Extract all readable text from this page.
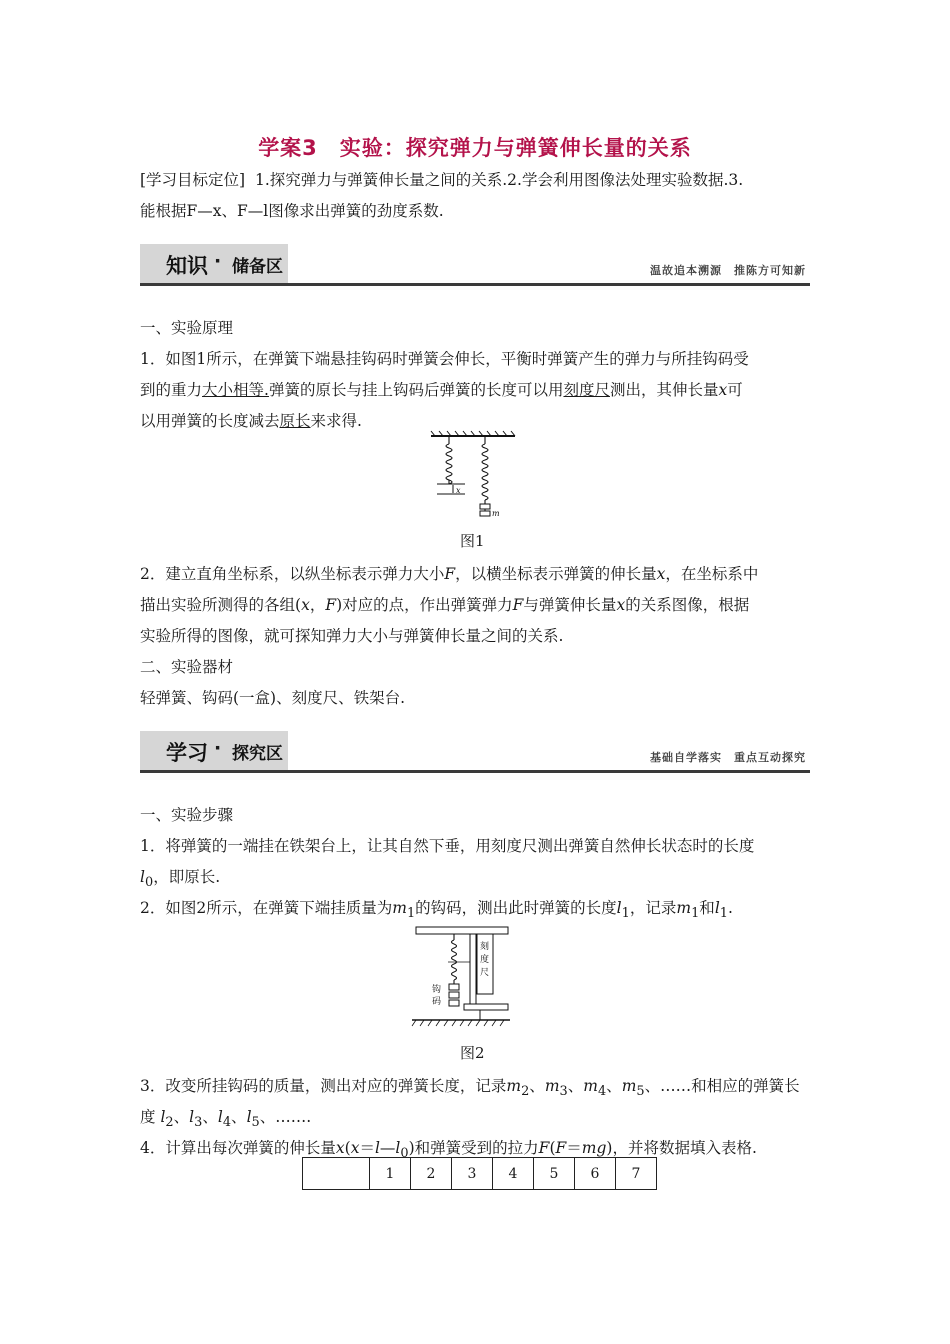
学案3　实验：探究弹力与弹簧伸长量的关系
[学习目标定位] 1.探究弹力与弹簧伸长量之间的关系.2.学会利用图像法处理实验数据.3.
能根据F—x、F—l图像求出弹簧的劲度系数.
知识 · 储备区	温故追本溯源　推陈方可知新
一、实验原理
1．如图1所示，在弹簧下端悬挂钩码时弹簧会伸长，平衡时弹簧产生的弹力与所挂钩码受
到的重力大小相等.弹簧的原长与挂上钩码后弹簧的长度可以用刻度尺测出，其伸长量x可
以用弹簧的长度减去原长来求得.
x
m
图1
2．建立直角坐标系，以纵坐标表示弹力大小F，以横坐标表示弹簧的伸长量x，在坐标系中
描出实验所测得的各组(x，F)对应的点，作出弹簧弹力F与弹簧伸长量x的关系图像，根据
实验所得的图像，就可探知弹力大小与弹簧伸长量之间的关系.
二、实验器材
轻弹簧、钩码(一盒)、刻度尺、铁架台.
学习 · 探究区	基础自学落实　重点互动探究
一、实验步骤
1．将弹簧的一端挂在铁架台上，让其自然下垂，用刻度尺测出弹簧自然伸长状态时的长度
$l_0$，即原长.
2．如图2所示，在弹簧下端挂质量为$m_1$的钩码，测出此时弹簧的长度$l_1$，记录$m_1$和$l_1$.
刻
度
尺
钩
码
图2
3．改变所挂钩码的质量，测出对应的弹簧长度，记录$m_2$、$m_3$、$m_4$、$m_5$、……和相应的弹簧长
度 $l_2$、$l_3$、$l_4$、$l_5$、…….
4．计算出每次弹簧的伸长量$x(x=l—l_0)$和弹簧受到的拉力F(F＝mg)，并将数据填入表格.
	1	2	3	4	5	6	7
